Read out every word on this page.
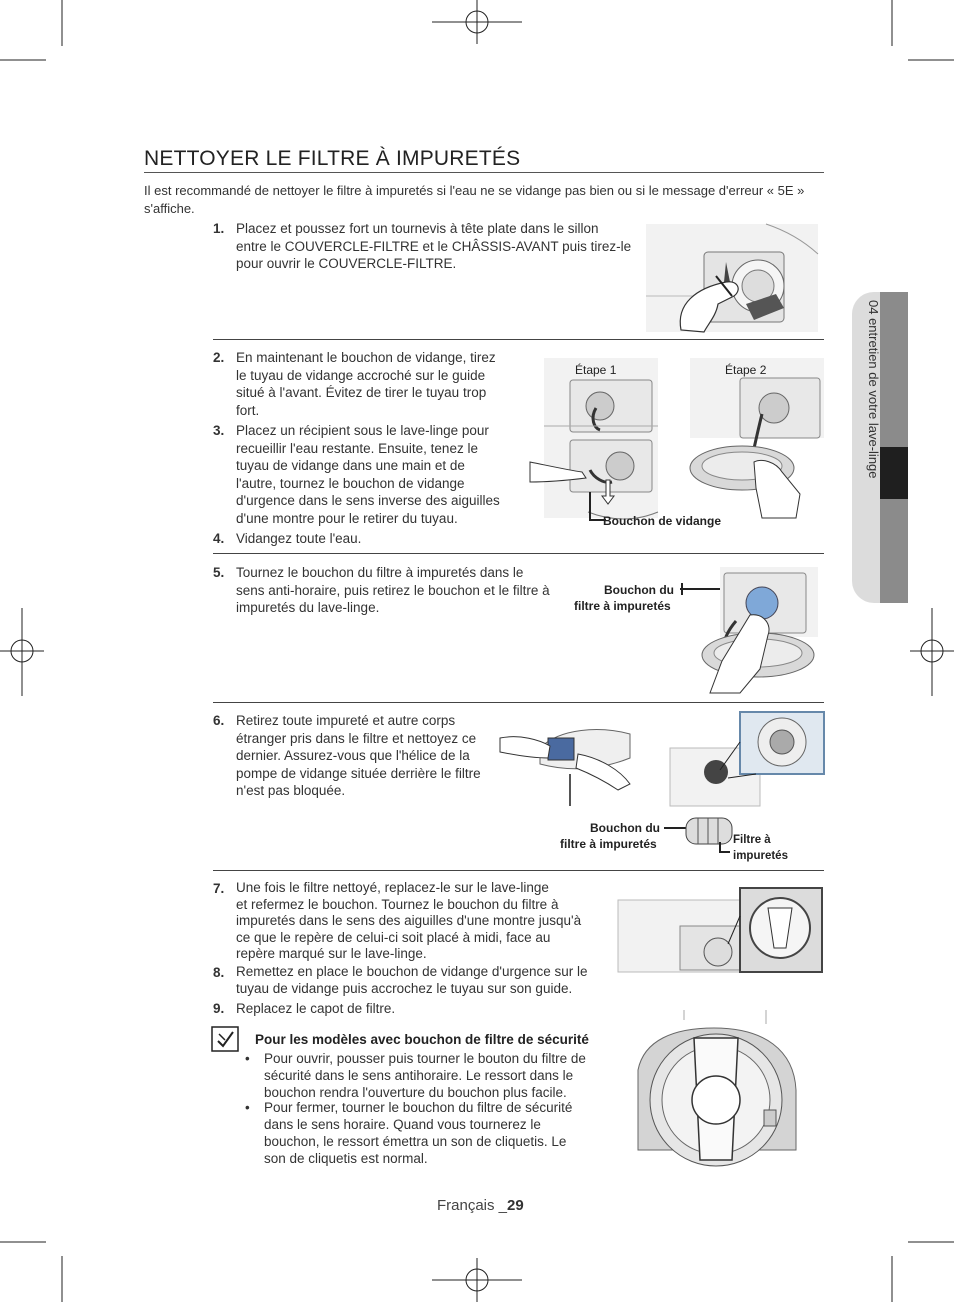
04 entretien de votre lave-linge
NETTOYER LE FILTRE À IMPURETÉS
Il est recommandé de nettoyer le filtre à impuretés si l'eau ne se vidange pas bien ou si le message d'erreur « 5E » s'affiche.
1. Placez et poussez fort un tournevis à tête plate dans le sillon
entre le COUVERCLE-FILTRE et le CHÂSSIS-AVANT puis tirez-le
pour ouvrir le COUVERCLE-FILTRE.
2. En maintenant le bouchon de vidange, tirez
le tuyau de vidange accroché sur le guide
situé à l'avant. Évitez de tirer le tuyau trop
fort.
3. Placez un récipient sous le lave-linge pour
recueillir l'eau restante. Ensuite, tenez le
tuyau de vidange dans une main et de
l'autre, tournez le bouchon de vidange
d'urgence dans le sens inverse des aiguilles
d'une montre pour le retirer du tuyau.
4. Vidangez toute l'eau.
Étape 1	Étape 2
Bouchon de vidange
5. Tournez le bouchon du filtre à impuretés dans le
sens anti-horaire, puis retirez le bouchon et le filtre à
impuretés du lave-linge.
Bouchon du
filtre à impuretés
6. Retirez toute impureté et autre corps
étranger pris dans le filtre et nettoyez ce
dernier. Assurez-vous que l'hélice de la
pompe de vidange située derrière le filtre
n'est pas bloquée.
Bouchon du
filtre à impuretés	Filtre à
impuretés
7. Une fois le filtre nettoyé, replacez-le sur le lave-linge
et refermez le bouchon. Tournez le bouchon du filtre à
impuretés dans le sens des aiguilles d'une montre jusqu'à
ce que le repère de celui-ci soit placé à midi, face au
repère marqué sur le lave-linge.
8. Remettez en place le bouchon de vidange d'urgence sur le
tuyau de vidange puis accrochez le tuyau sur son guide.
9. Replacez le capot de filtre.
Pour les modèles avec bouchon de filtre de sécurité
• Pour ouvrir, pousser puis tourner le bouton du filtre de
sécurité dans le sens antihoraire. Le ressort dans le
bouchon rendra l'ouverture du bouchon plus facile.
• Pour fermer, tourner le bouchon du filtre de sécurité
dans le sens horaire. Quand vous tournerez le
bouchon, le ressort émettra un son de cliquetis. Le
son de cliquetis est normal.
Français _29
